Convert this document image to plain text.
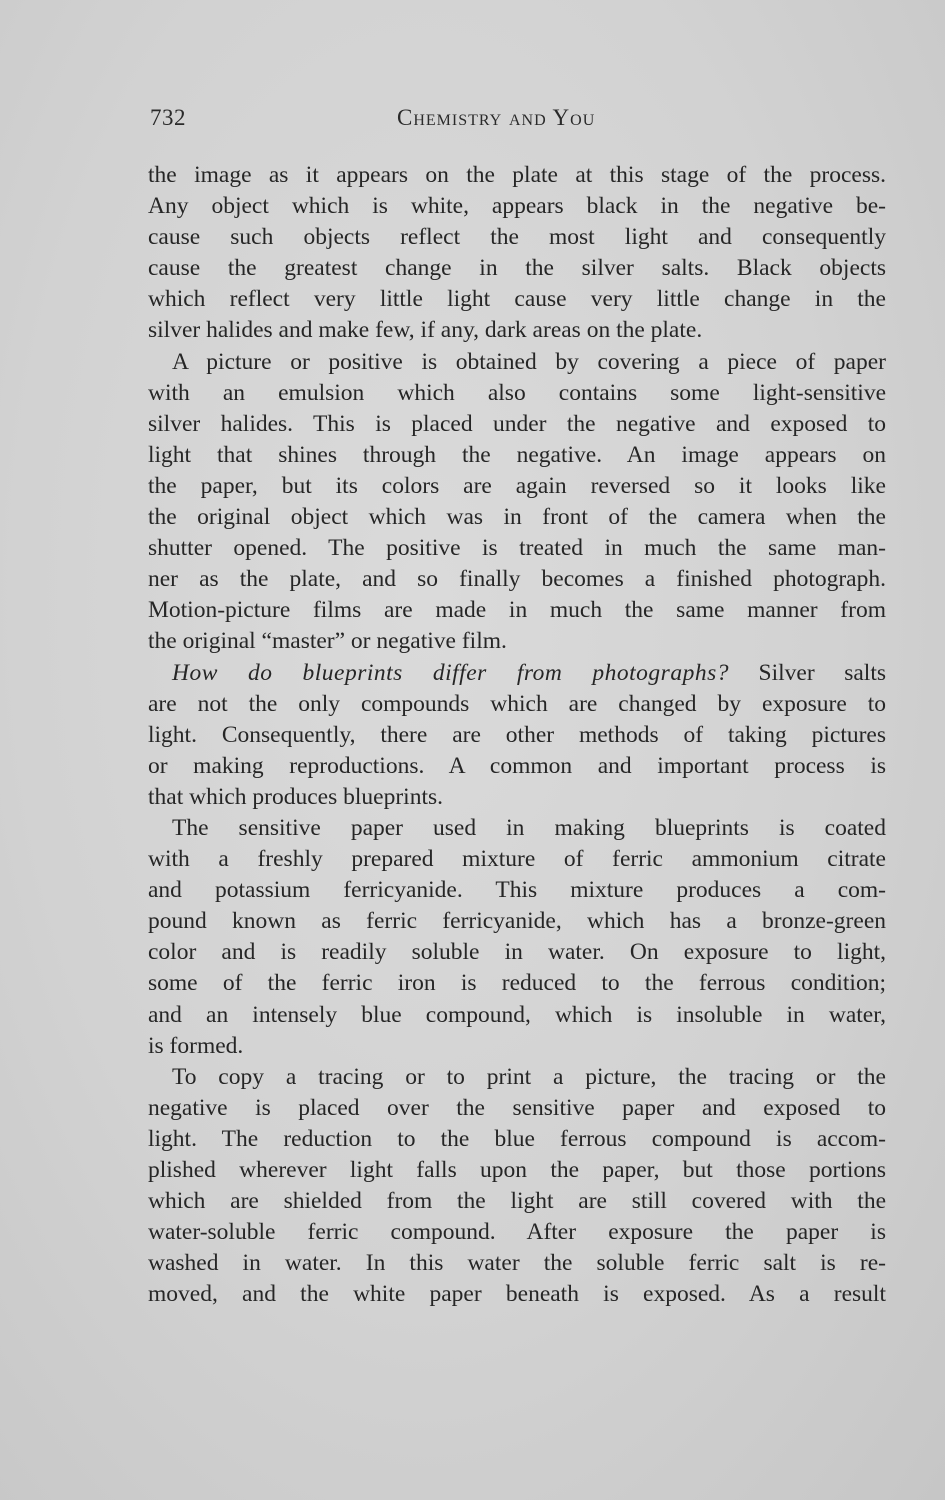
732	Chemistry and You
the image as it appears on the plate at this stage of the process.
Any object which is white, appears black in the negative be-
cause such objects reflect the most light and consequently
cause the greatest change in the silver salts. Black objects
which reflect very little light cause very little change in the
silver halides and make few, if any, dark areas on the plate.
A picture or positive is obtained by covering a piece of paper
with an emulsion which also contains some light-sensitive
silver halides. This is placed under the negative and exposed to
light that shines through the negative. An image appears on
the paper, but its colors are again reversed so it looks like
the original object which was in front of the camera when the
shutter opened. The positive is treated in much the same man-
ner as the plate, and so finally becomes a finished photograph.
Motion-picture films are made in much the same manner from
the original “master” or negative film.
How do blueprints differ from photographs? Silver salts
are not the only compounds which are changed by exposure to
light. Consequently, there are other methods of taking pictures
or making reproductions. A common and important process is
that which produces blueprints.
The sensitive paper used in making blueprints is coated
with a freshly prepared mixture of ferric ammonium citrate
and potassium ferricyanide. This mixture produces a com-
pound known as ferric ferricyanide, which has a bronze-green
color and is readily soluble in water. On exposure to light,
some of the ferric iron is reduced to the ferrous condition;
and an intensely blue compound, which is insoluble in water,
is formed.
To copy a tracing or to print a picture, the tracing or the
negative is placed over the sensitive paper and exposed to
light. The reduction to the blue ferrous compound is accom-
plished wherever light falls upon the paper, but those portions
which are shielded from the light are still covered with the
water-soluble ferric compound. After exposure the paper is
washed in water. In this water the soluble ferric salt is re-
moved, and the white paper beneath is exposed. As a result
